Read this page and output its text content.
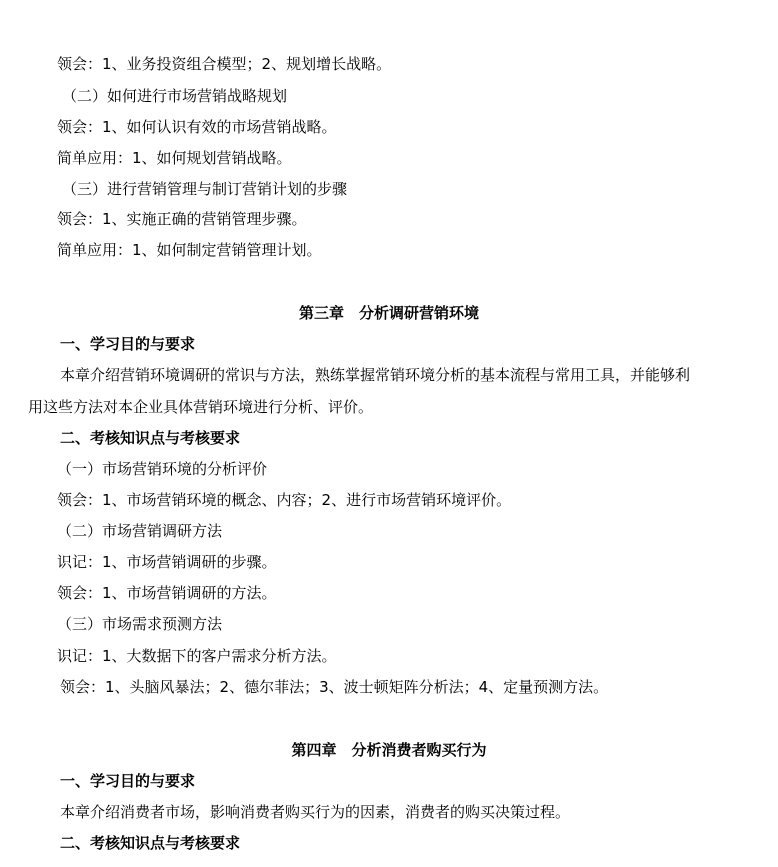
领会：1、业务投资组合模型；2、规划增长战略。
（二）如何进行市场营销战略规划
领会：1、如何认识有效的市场营销战略。
简单应用：1、如何规划营销战略。
（三）进行营销管理与制订营销计划的步骤
领会：1、实施正确的营销管理步骤。
简单应用：1、如何制定营销管理计划。
第三章　分析调研营销环境
一、学习目的与要求
本章介绍营销环境调研的常识与方法，熟练掌握常销环境分析的基本流程与常用工具，并能够利
用这些方法对本企业具体营销环境进行分析、评价。
二、考核知识点与考核要求
（一）市场营销环境的分析评价
领会：1、市场营销环境的概念、内容；2、进行市场营销环境评价。
（二）市场营销调研方法
识记：1、市场营销调研的步骤。
领会：1、市场营销调研的方法。
（三）市场需求预测方法
识记：1、大数据下的客户需求分析方法。
领会：1、头脑风暴法；2、德尔菲法；3、波士顿矩阵分析法；4、定量预测方法。
第四章　分析消费者购买行为
一、学习目的与要求
本章介绍消费者市场，影响消费者购买行为的因素，消费者的购买决策过程。
二、考核知识点与考核要求
